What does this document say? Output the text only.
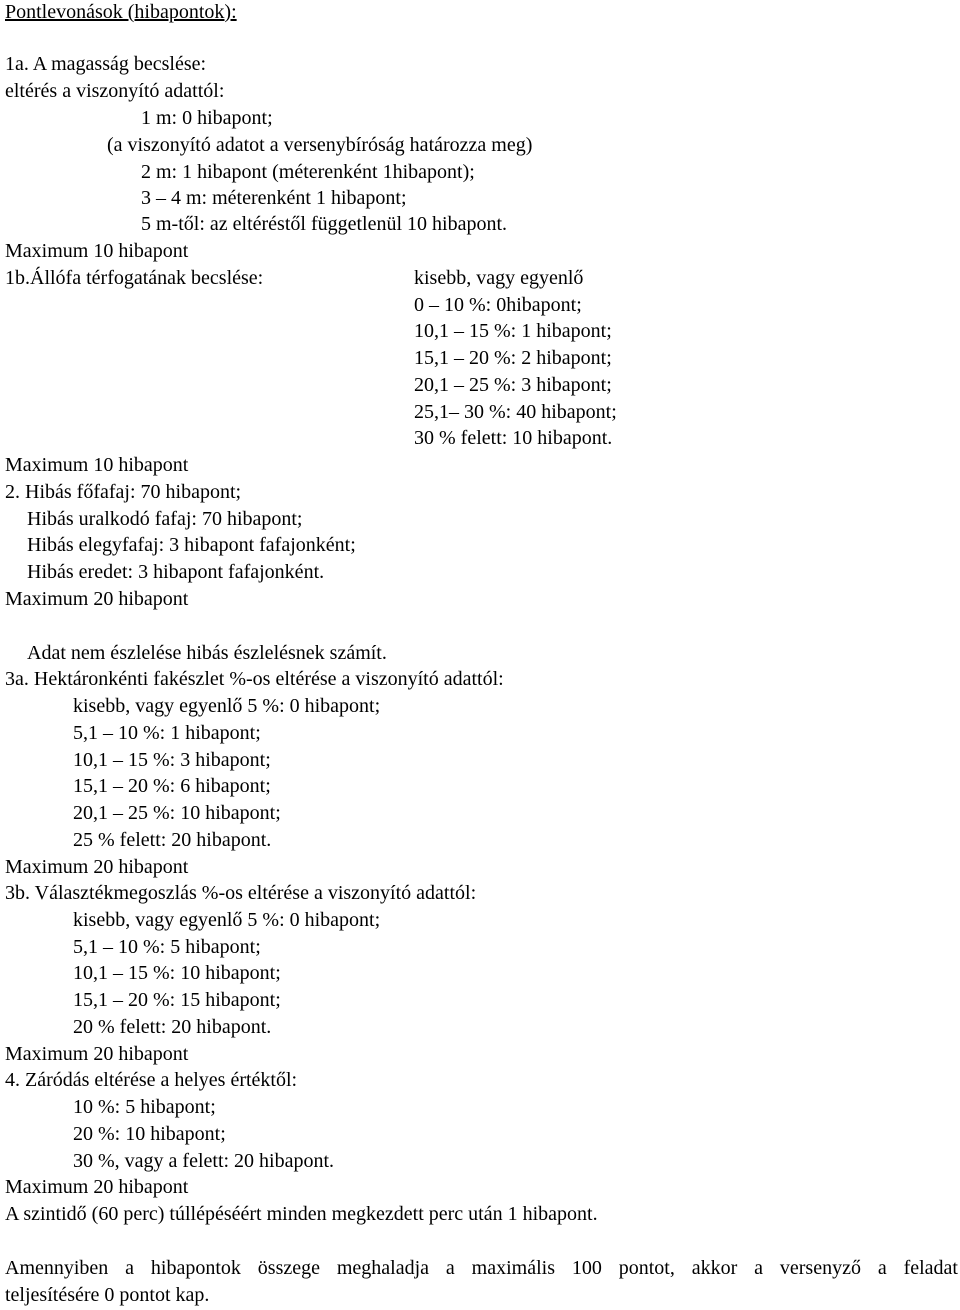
Pontlevonások (hibapontok):
1a. A magasság becslése:
eltérés a viszonyító adattól:
1 m: 0 hibapont;
(a viszonyító adatot a versenybíróság határozza meg)
2 m: 1 hibapont (méterenként 1hibapont);
3 – 4 m: méterenként 1 hibapont;
5 m-től: az eltéréstől függetlenül 10 hibapont.
Maximum 10 hibapont
1b.Állófa térfogatának becslése:	kisebb, vagy egyenlő
0 – 10 %: 0hibapont;
10,1 – 15 %: 1 hibapont;
15,1 – 20 %: 2 hibapont;
20,1 – 25 %: 3 hibapont;
25,1– 30 %: 40 hibapont;
30 % felett: 10 hibapont.
Maximum 10 hibapont
2. Hibás főfafaj: 70 hibapont;
Hibás uralkodó fafaj: 70 hibapont;
Hibás elegyfafaj: 3 hibapont fafajonként;
Hibás eredet: 3 hibapont fafajonként.
Maximum 20 hibapont
Adat nem észlelése hibás észlelésnek számít.
3a. Hektáronkénti fakészlet %-os eltérése a viszonyító adattól:
kisebb, vagy egyenlő 5 %: 0 hibapont;
5,1 – 10 %: 1 hibapont;
10,1 – 15 %: 3 hibapont;
15,1 – 20 %: 6 hibapont;
20,1 – 25 %: 10 hibapont;
25 % felett: 20 hibapont.
Maximum 20 hibapont
3b. Választékmegoszlás %-os eltérése a viszonyító adattól:
kisebb, vagy egyenlő 5 %: 0 hibapont;
5,1 – 10 %: 5 hibapont;
10,1 – 15 %: 10 hibapont;
15,1 – 20 %: 15 hibapont;
20 % felett: 20 hibapont.
Maximum 20 hibapont
4. Záródás eltérése a helyes értéktől:
10 %: 5 hibapont;
20 %: 10 hibapont;
30 %, vagy a felett: 20 hibapont.
Maximum 20 hibapont
A szintidő (60 perc) túllépéséért minden megkezdett perc után 1 hibapont.
Amennyiben a hibapontok összege meghaladja a maximális 100 pontot, akkor a versenyző a feladat
teljesítésére 0 pontot kap.
